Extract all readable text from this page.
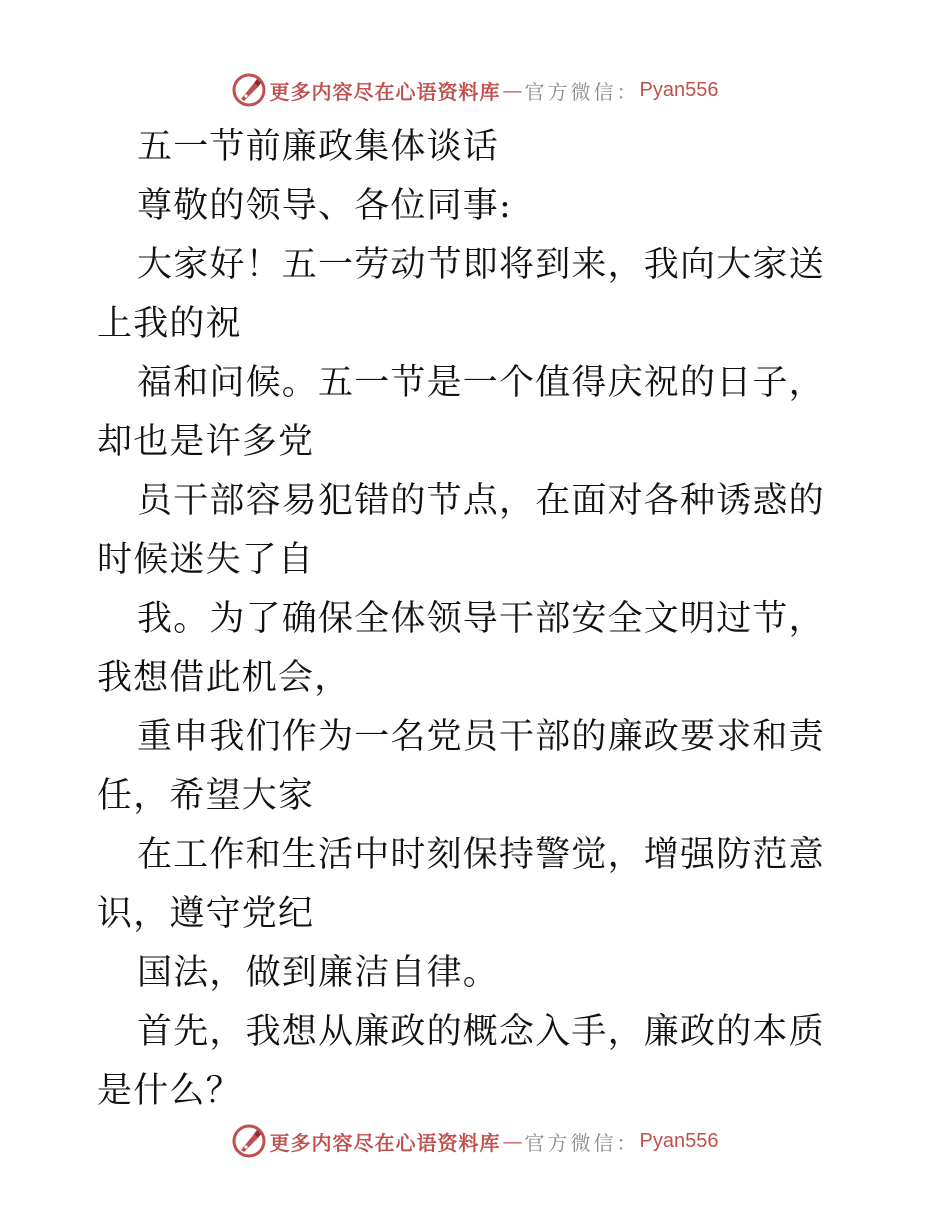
更多内容尽在心语资料库 — 官方微信： Pyan556

五一节前廉政集体谈话

尊敬的领导、各位同事:

大家好！五一劳动节即将到来，我向大家送上我的祝

福和问候。五一节是一个值得庆祝的日子，却也是许多党

员干部容易犯错的节点，在面对各种诱惑的时候迷失了自

我。为了确保全体领导干部安全文明过节，我想借此机会，

重申我们作为一名党员干部的廉政要求和责任，希望大家

在工作和生活中时刻保持警觉，增强防范意识，遵守党纪

国法，做到廉洁自律。

首先，我想从廉政的概念入手，廉政的本质是什么？

更多内容尽在心语资料库 — 官方微信： Pyan556
